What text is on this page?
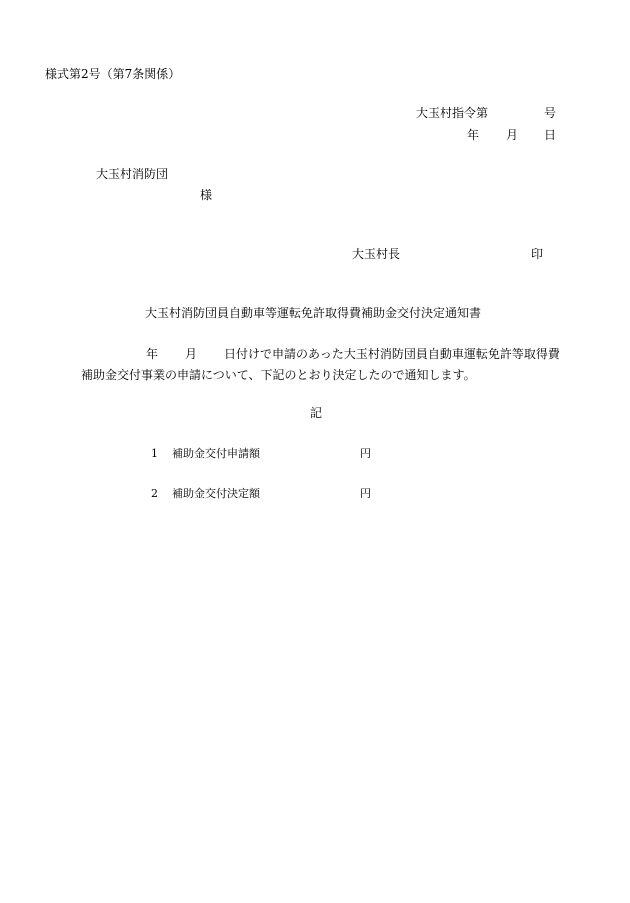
様式第2号（第7条関係）
大玉村指令第	号
年 月 日
大玉村消防団
様
大玉村長	印
大玉村消防団員自動車等運転免許取得費補助金交付決定通知書
年 月 日付けで申請のあった大玉村消防団員自動車運転免許等取得費
補助金交付事業の申請について、下記のとおり決定したので通知します。
記
1 補助金交付申請額	円
2 補助金交付決定額	円
